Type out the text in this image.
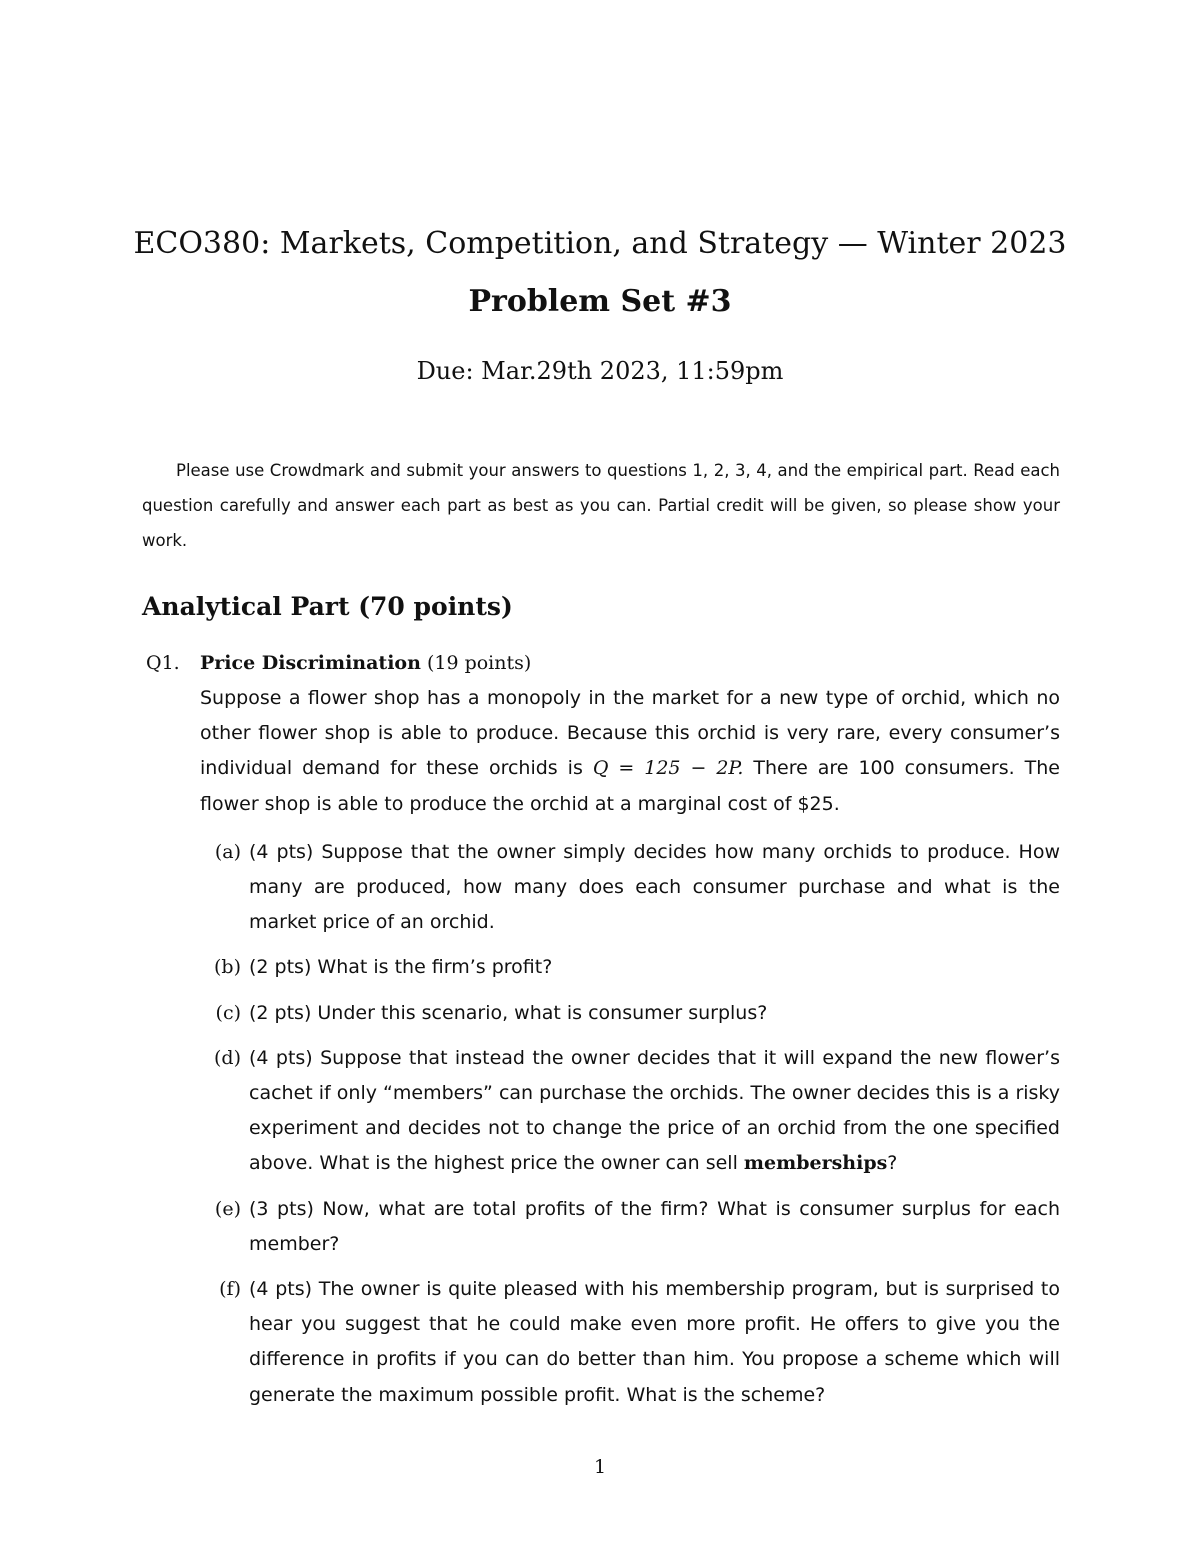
ECO380: Markets, Competition, and Strategy — Winter 2023
Problem Set #3
Due: Mar.29th 2023, 11:59pm

Please use Crowdmark and submit your answers to questions 1, 2, 3, 4, and the empirical part. Read each question carefully and answer each part as best as you can. Partial credit will be given, so please show your work.

Analytical Part (70 points)
Q1. Price Discrimination (19 points)
Suppose a flower shop has a monopoly in the market for a new type of orchid, which no other flower shop is able to produce. Because this orchid is very rare, every consumer’s individual demand for these orchids is Q = 125 − 2P. There are 100 consumers. The flower shop is able to produce the orchid at a marginal cost of $25.
(a) (4 pts) Suppose that the owner simply decides how many orchids to produce. How many are produced, how many does each consumer purchase and what is the market price of an orchid.
(b) (2 pts) What is the firm’s profit?
(c) (2 pts) Under this scenario, what is consumer surplus?
(d) (4 pts) Suppose that instead the owner decides that it will expand the new flower’s cachet if only “members” can purchase the orchids. The owner decides this is a risky experiment and decides not to change the price of an orchid from the one specified above. What is the highest price the owner can sell memberships?
(e) (3 pts) Now, what are total profits of the firm? What is consumer surplus for each member?
(f) (4 pts) The owner is quite pleased with his membership program, but is surprised to hear you suggest that he could make even more profit. He offers to give you the difference in profits if you can do better than him. You propose a scheme which will generate the maximum possible profit. What is the scheme?
1
